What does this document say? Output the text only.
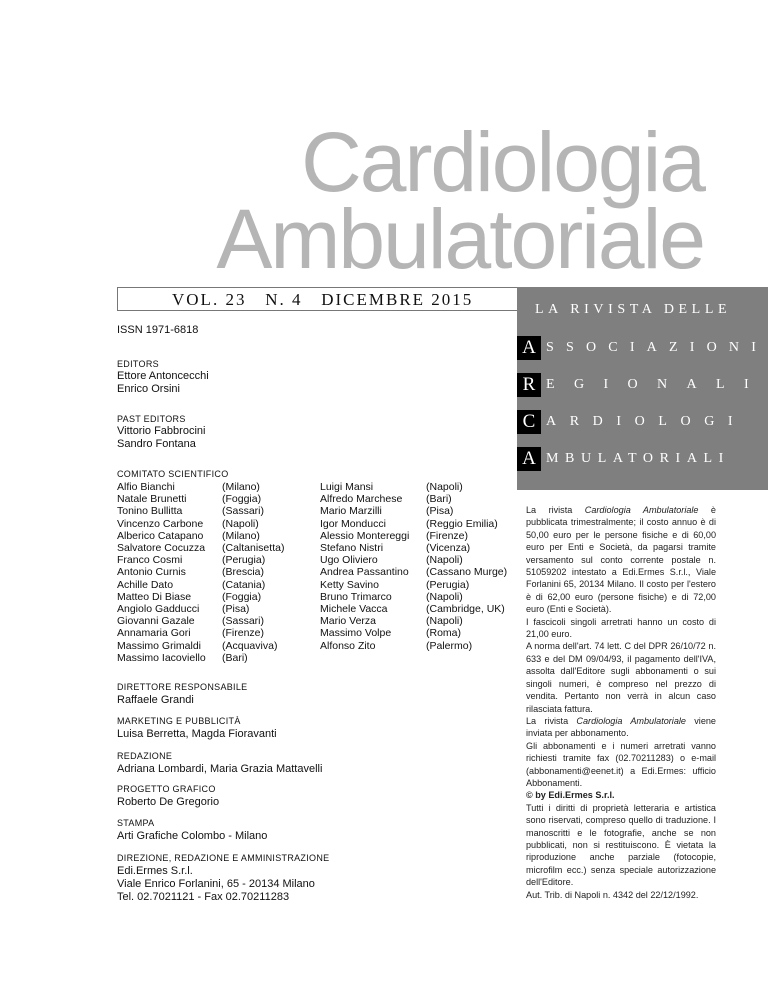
Cardiologia
Ambulatoriale
VOL. 23   N. 4   DICEMBRE 2015
LA RIVISTA DELLE
A SSOCIAZIONI
R EGIONALI
C ARDIOLOGI
A MBULATORIALI
ISSN 1971-6818
EDITORS
Ettore Antoncecchi
Enrico Orsini
PAST EDITORS
Vittorio Fabbrocini
Sandro Fontana
COMITATO SCIENTIFICO
Alfio Bianchi
Natale Brunetti
Tonino Bullitta
Vincenzo Carbone
Alberico Catapano
Salvatore Cocuzza
Franco Cosmi
Antonio Curnis
Achille Dato
Matteo Di Biase
Angiolo Gadducci
Giovanni Gazale
Annamaria Gori
Massimo Grimaldi
Massimo Iacoviello
(Milano)
(Foggia)
(Sassari)
(Napoli)
(Milano)
(Caltanisetta)
(Perugia)
(Brescia)
(Catania)
(Foggia)
(Pisa)
(Sassari)
(Firenze)
(Acquaviva)
(Bari)
Luigi Mansi
Alfredo Marchese
Mario Marzilli
Igor Monducci
Alessio Montereggi
Stefano Nistri
Ugo Oliviero
Andrea Passantino
Ketty Savino
Bruno Trimarco
Michele Vacca
Mario Verza
Massimo Volpe
Alfonso Zito
(Napoli)
(Bari)
(Pisa)
(Reggio Emilia)
(Firenze)
(Vicenza)
(Napoli)
(Cassano Murge)
(Perugia)
(Napoli)
(Cambridge, UK)
(Napoli)
(Roma)
(Palermo)
DIRETTORE RESPONSABILE
Raffaele Grandi
MARKETING E PUBBLICITÀ
Luisa Berretta, Magda Fioravanti
REDAZIONE
Adriana Lombardi, Maria Grazia Mattavelli
PROGETTO GRAFICO
Roberto De Gregorio
STAMPA
Arti Grafiche Colombo - Milano
DIREZIONE, REDAZIONE E AMMINISTRAZIONE
Edi.Ermes S.r.l.
Viale Enrico Forlanini, 65 - 20134 Milano
Tel. 02.7021121 - Fax 02.70211283

La rivista Cardiologia Ambulatoriale è pubblicata trimestralmente; il costo annuo è di 50,00 euro per le persone fisiche e di 60,00 euro per Enti e Società, da pagarsi tramite versamento sul conto corrente postale n. 51059202 intestato a Edi.Ermes S.r.l., Viale Forlanini 65, 20134 Milano. Il costo per l'estero è di 62,00 euro (persone fisiche) e di 72,00 euro (Enti e Società).

I fascicoli singoli arretrati hanno un costo di 21,00 euro.

A norma dell'art. 74 lett. C del DPR 26/10/72 n. 633 e del DM 09/04/93, il pagamento dell'IVA, assolta dall'Editore sugli abbonamenti o sui singoli numeri, è compreso nel prezzo di vendita. Pertanto non verrà in alcun caso rilasciata fattura.

La rivista Cardiologia Ambulatoriale viene inviata per abbonamento.

Gli abbonamenti e i numeri arretrati vanno richiesti tramite fax (02.70211283) o e-mail (abbonamenti@eenet.it) a Edi.Ermes: ufficio Abbonamenti.

© by Edi.Ermes S.r.l.

Tutti i diritti di proprietà letteraria e artistica sono riservati, compreso quello di traduzione. I manoscritti e le fotografie, anche se non pubblicati, non si restituiscono. È vietata la riproduzione anche parziale (fotocopie, microfilm ecc.) senza speciale autorizzazione dell'Editore.

Aut. Trib. di Napoli n. 4342 del 22/12/1992.
